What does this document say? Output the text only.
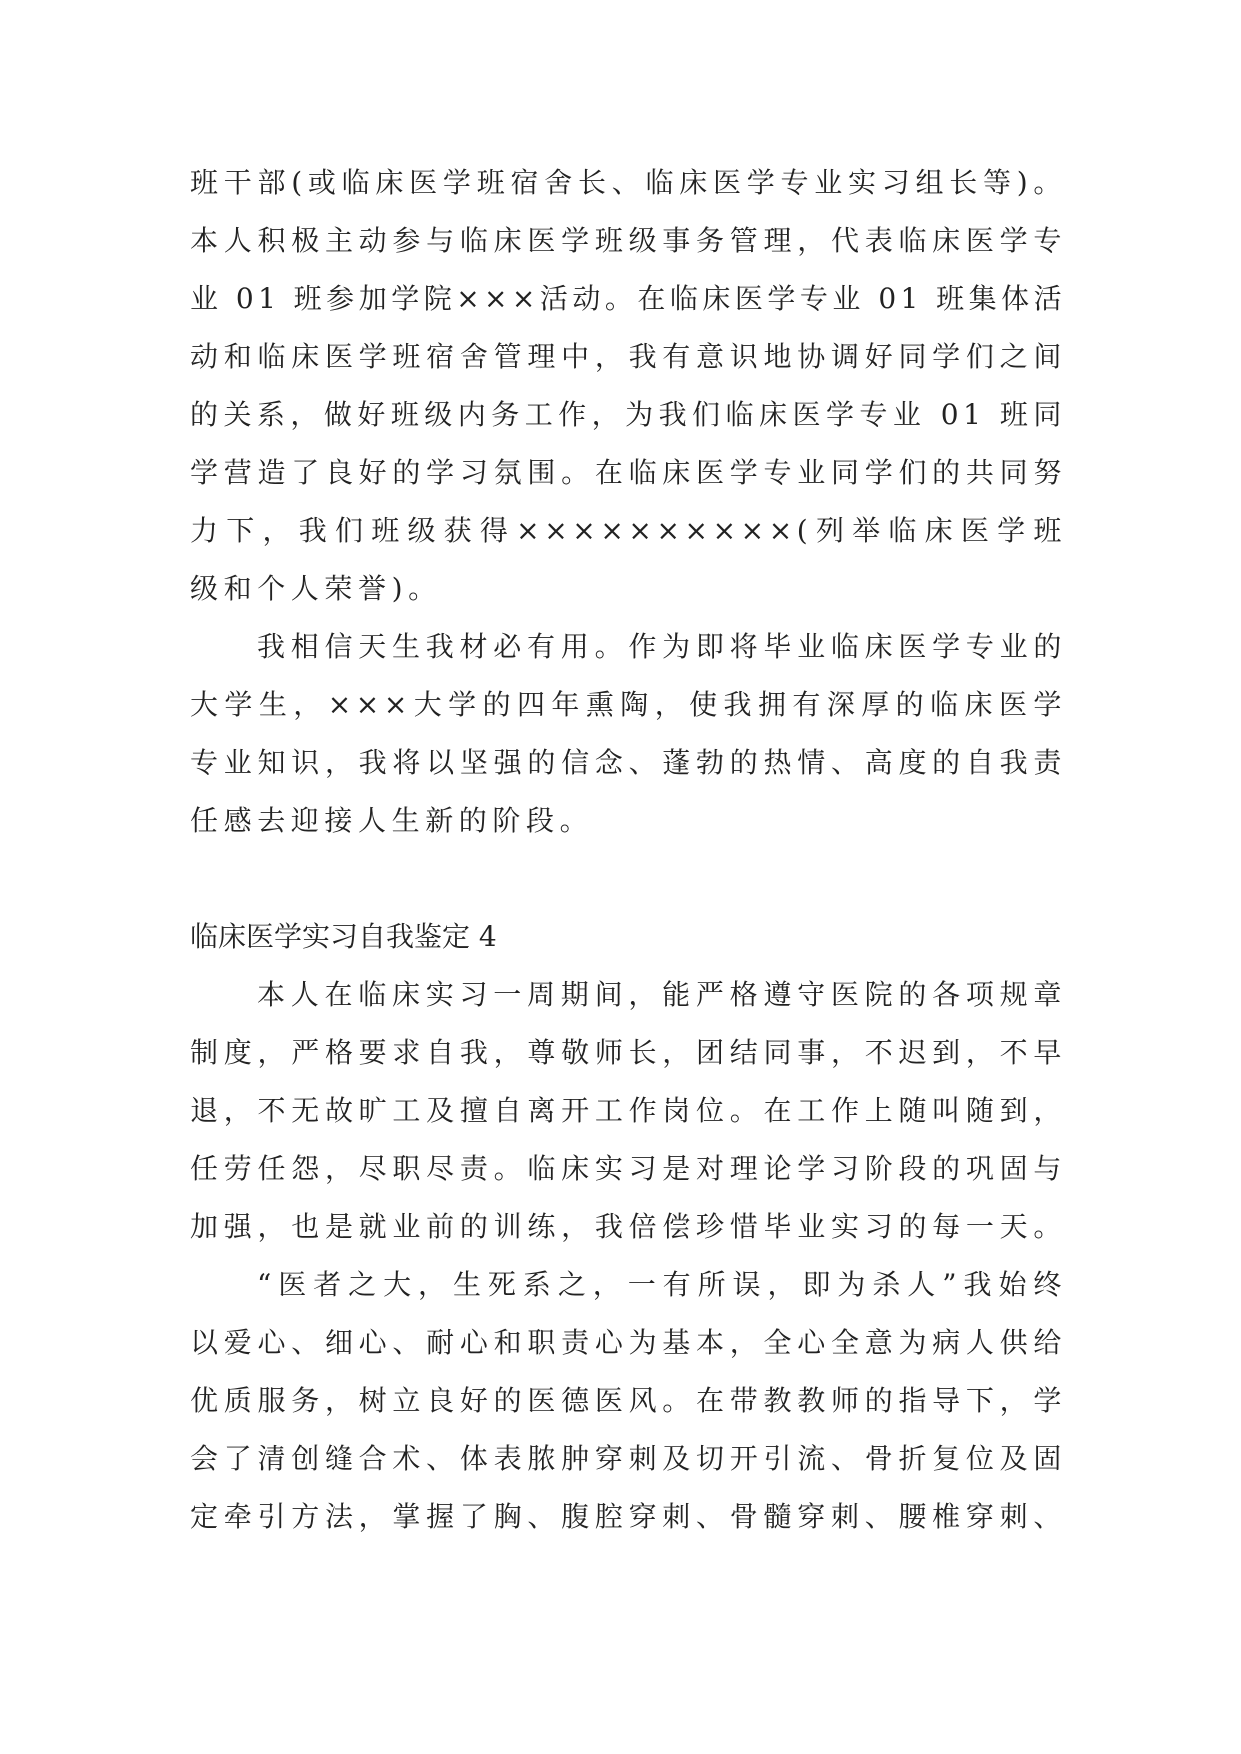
班干部(或临床医学班宿舍长、临床医学专业实习组长等)。
本人积极主动参与临床医学班级事务管理，代表临床医学专
业 01 班参加学院×××活动。在临床医学专业 01 班集体活
动和临床医学班宿舍管理中，我有意识地协调好同学们之间
的关系，做好班级内务工作，为我们临床医学专业 01 班同
学营造了良好的学习氛围。在临床医学专业同学们的共同努
力下，我们班级获得××××××××××(列举临床医学班
级和个人荣誉)。
我相信天生我材必有用。作为即将毕业临床医学专业的
大学生，×××大学的四年熏陶，使我拥有深厚的临床医学
专业知识，我将以坚强的信念、蓬勃的热情、高度的自我责
任感去迎接人生新的阶段。
临床医学实习自我鉴定 4
本人在临床实习一周期间，能严格遵守医院的各项规章
制度，严格要求自我，尊敬师长，团结同事，不迟到，不早
退，不无故旷工及擅自离开工作岗位。在工作上随叫随到，
任劳任怨，尽职尽责。临床实习是对理论学习阶段的巩固与
加强，也是就业前的训练，我倍偿珍惜毕业实习的每一天。
“医者之大，生死系之，一有所误，即为杀人”我始终
以爱心、细心、耐心和职责心为基本，全心全意为病人供给
优质服务，树立良好的医德医风。在带教教师的指导下，学
会了清创缝合术、体表脓肿穿刺及切开引流、骨折复位及固
定牵引方法，掌握了胸、腹腔穿刺、骨髓穿刺、腰椎穿刺、
